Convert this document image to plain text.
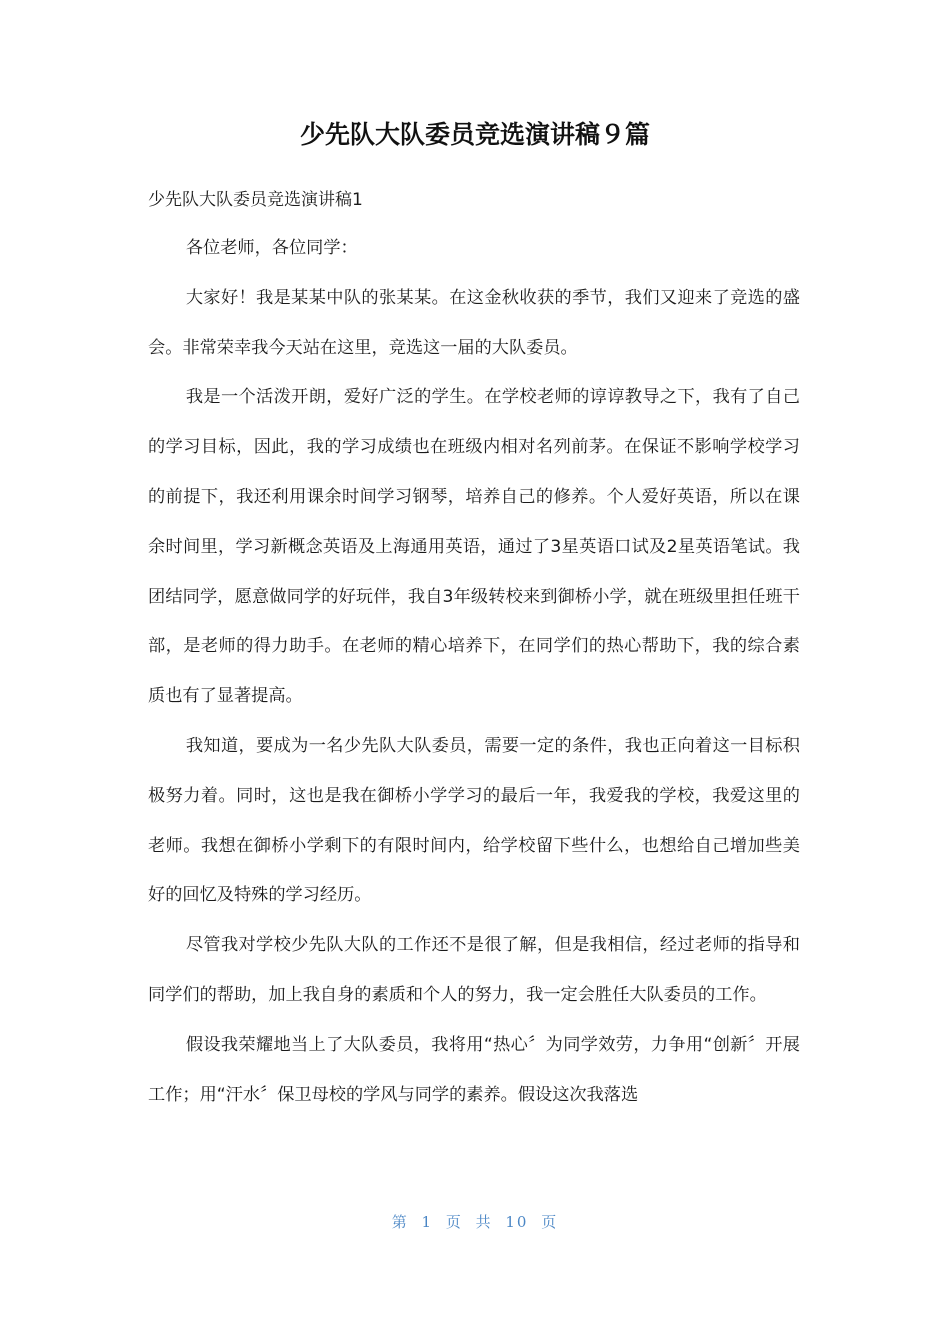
少先队大队委员竞选演讲稿９篇
少先队大队委员竞选演讲稿1

各位老师，各位同学：

大家好！我是某某中队的张某某。在这金秋收获的季节，我们又迎来了竞选的盛会。非常荣幸我今天站在这里，竞选这一届的大队委员。

我是一个活泼开朗，爱好广泛的学生。在学校老师的谆谆教导之下，我有了自己的学习目标，因此，我的学习成绩也在班级内相对名列前茅。在保证不影响学校学习的前提下，我还利用课余时间学习钢琴，培养自己的修养。个人爱好英语，所以在课余时间里，学习新概念英语及上海通用英语，通过了3星英语口试及2星英语笔试。我团结同学，愿意做同学的好玩伴，我自3年级转校来到御桥小学，就在班级里担任班干部，是老师的得力助手。在老师的精心培养下，在同学们的热心帮助下，我的综合素质也有了显著提高。

我知道，要成为一名少先队大队委员，需要一定的条件，我也正向着这一目标积极努力着。同时，这也是我在御桥小学学习的最后一年，我爱我的学校，我爱这里的老师。我想在御桥小学剩下的有限时间内，给学校留下些什么，也想给自己增加些美好的回忆及特殊的学习经历。

尽管我对学校少先队大队的工作还不是很了解，但是我相信，经过老师的指导和同学们的帮助，加上我自身的素质和个人的努力，我一定会胜任大队委员的工作。

假设我荣耀地当上了大队委员，我将用“热心〞为同学效劳，力争用“创新〞开展工作；用“汗水〞保卫母校的学风与同学的素养。假设这次我落选

第 1 页 共 10 页
